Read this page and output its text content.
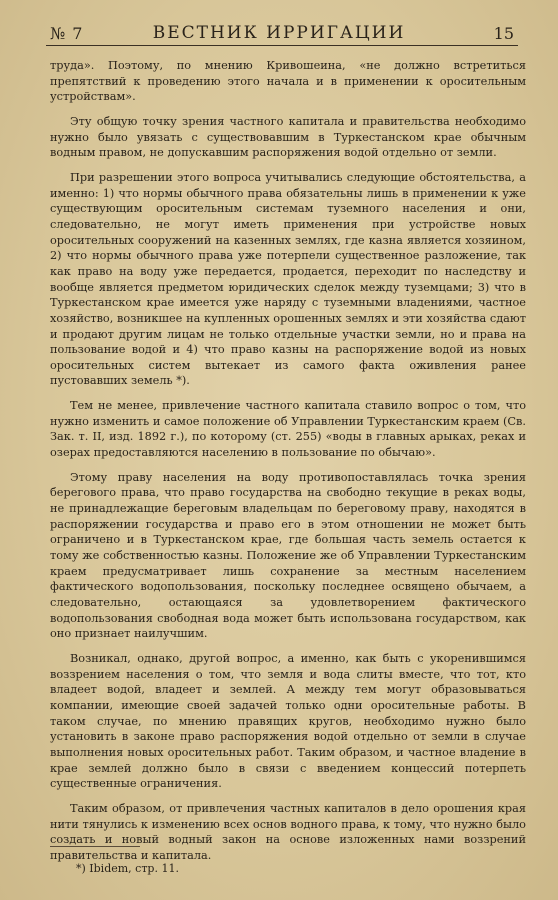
№ 7	ВЕСТНИК ИРРИГАЦИИ	15

труда». Поэтому, по мнению Кривошеина, «не должно встретиться препятствий к проведению этого начала и в применении к оросительным устройствам».

Эту общую точку зрения частного капитала и правительства необходимо нужно было увязать с существовавшим в Туркестанском крае обычным водным правом, не допускавшим распоряжения водой отдельно от земли.

При разрешении этого вопроса учитывались следующие обстоятельства, а именно: 1) что нормы обычного права обязательны лишь в применении к уже существующим оросительным системам туземного населения и они, следовательно, не могут иметь применения при устройстве новых оросительных сооружений на казенных землях, где казна является хозяином, 2) что нормы обычного права уже потерпели существенное разложение, так как право на воду уже передается, продается, переходит по наследству и вообще является предметом юридических сделок между туземцами; 3) что в Туркестанском крае имеется уже наряду с туземными владениями, частное хозяйство, возникшее на купленных орошенных землях и эти хозяйства сдают и продают другим лицам не только отдельные участки земли, но и права на пользование водой и 4) что право казны на распоряжение водой из новых оросительных систем вытекает из самого факта оживления ранее пустовавших земель *).

Тем не менее, привлечение частного капитала ставило вопрос о том, что нужно изменить и самое положение об Управлении Туркестанским краем (Св. Зак. т. II, изд. 1892 г.), по которому (ст. 255) «воды в главных арыках, реках и озерах предоставляются населению в пользование по обычаю».

Этому праву населения на воду противопоставлялась точка зрения берегового права, что право государства на свободно текущие в реках воды, не принадлежащие береговым владельцам по береговому праву, находятся в распоряжении государства и право его в этом отношении не может быть ограничено и в Туркестанском крае, где большая часть земель остается к тому же собственностью казны. Положение же об Управлении Туркестанским краем предусматривает лишь сохранение за местным населением фактического водопользования, поскольку последнее освящено обычаем, а следовательно, остающаяся за удовлетворением фактического водопользования свободная вода может быть использована государством, как оно признает наилучшим.

Возникал, однако, другой вопрос, а именно, как быть с укоренившимся воззрением населения о том, что земля и вода слиты вместе, что тот, кто владеет водой, владеет и землей. А между тем могут образовываться компании, имеющие своей задачей только одни оросительные работы. В таком случае, по мнению правящих кругов, необходимо нужно было установить в законе право распоряжения водой отдельно от земли в случае выполнения новых оросительных работ. Таким образом, и частное владение в крае землей должно было в связи с введением концессий потерпеть существенные ограничения.

Таким образом, от привлечения частных капиталов в дело орошения края нити тянулись к изменению всех основ водного права, к тому, что нужно было создать и новый водный закон на основе изложенных нами воззрений правительства и капитала.

*) Ibidem, стр. 11.
